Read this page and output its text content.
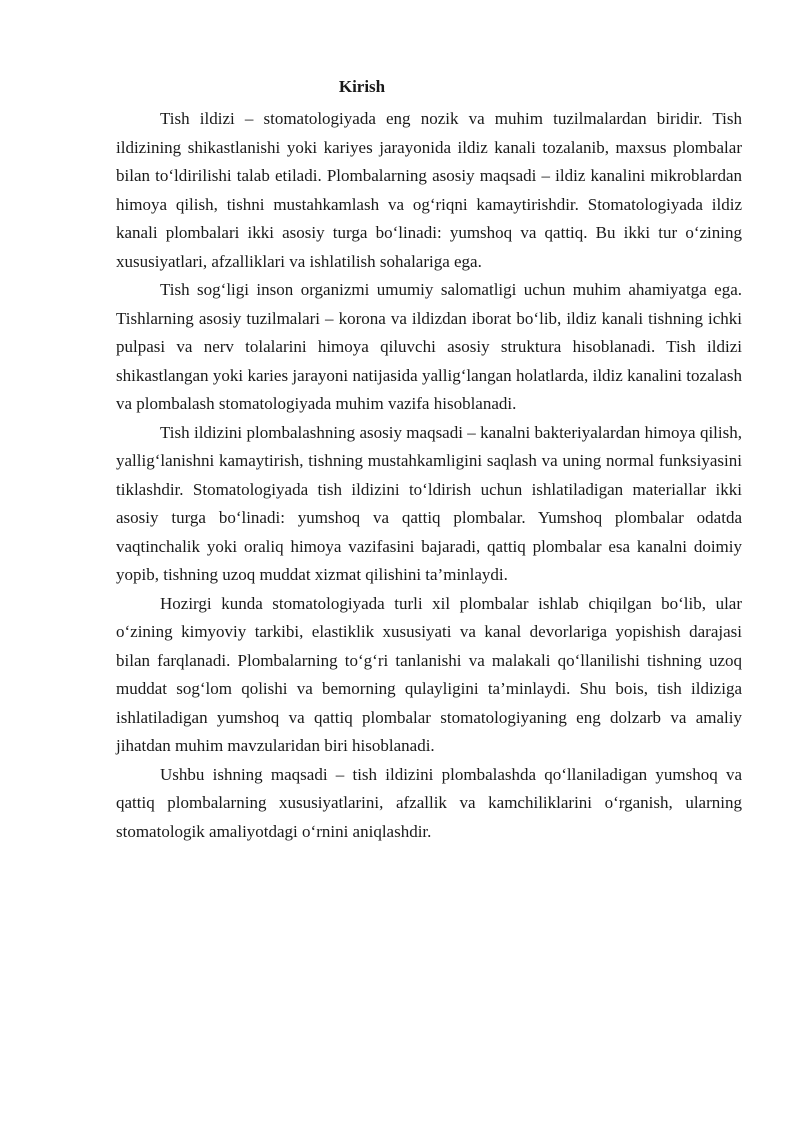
Kirish

Tish ildizi – stomatologiyada eng nozik va muhim tuzilmalardan biridir. Tish ildizining shikastlanishi yoki kariyes jarayonida ildiz kanali tozalanib, maxsus plombalar bilan to‘ldirilishi talab etiladi. Plombalarning asosiy maqsadi – ildiz kanalini mikroblardan himoya qilish, tishni mustahkamlash va og‘riqni kamaytirishdir. Stomatologiyada ildiz kanali plombalari ikki asosiy turga bo‘linadi: yumshoq va qattiq. Bu ikki tur o‘zining xususiyatlari, afzalliklari va ishlatilish sohalariga ega.

Tish sog‘ligi inson organizmi umumiy salomatligi uchun muhim ahamiyatga ega. Tishlarning asosiy tuzilmalari – korona va ildizdan iborat bo‘lib, ildiz kanali tishning ichki pulpasi va nerv tolalarini himoya qiluvchi asosiy struktura hisoblanadi. Tish ildizi shikastlangan yoki karies jarayoni natijasida yallig‘langan holatlarda, ildiz kanalini tozalash va plombalash stomatologiyada muhim vazifa hisoblanadi.

Tish ildizini plombalashning asosiy maqsadi – kanalni bakteriyalardan himoya qilish, yallig‘lanishni kamaytirish, tishning mustahkamligini saqlash va uning normal funksiyasini tiklashdir. Stomatologiyada tish ildizini to‘ldirish uchun ishlatiladigan materiallar ikki asosiy turga bo‘linadi: yumshoq va qattiq plombalar. Yumshoq plombalar odatda vaqtinchalik yoki oraliq himoya vazifasini bajaradi, qattiq plombalar esa kanalni doimiy yopib, tishning uzoq muddat xizmat qilishini ta’minlaydi.

Hozirgi kunda stomatologiyada turli xil plombalar ishlab chiqilgan bo‘lib, ular o‘zining kimyoviy tarkibi, elastiklik xususiyati va kanal devorlariga yopishish darajasi bilan farqlanadi. Plombalarning to‘g‘ri tanlanishi va malakali qo‘llanilishi tishning uzoq muddat sog‘lom qolishi va bemorning qulayligini ta’minlaydi. Shu bois, tish ildiziga ishlatiladigan yumshoq va qattiq plombalar stomatologiyaning eng dolzarb va amaliy jihatdan muhim mavzularidan biri hisoblanadi.

Ushbu ishning maqsadi – tish ildizini plombalashda qo‘llaniladigan yumshoq va qattiq plombalarning xususiyatlarini, afzallik va kamchiliklarini o‘rganish, ularning stomatologik amaliyotdagi o‘rnini aniqlashdir.
